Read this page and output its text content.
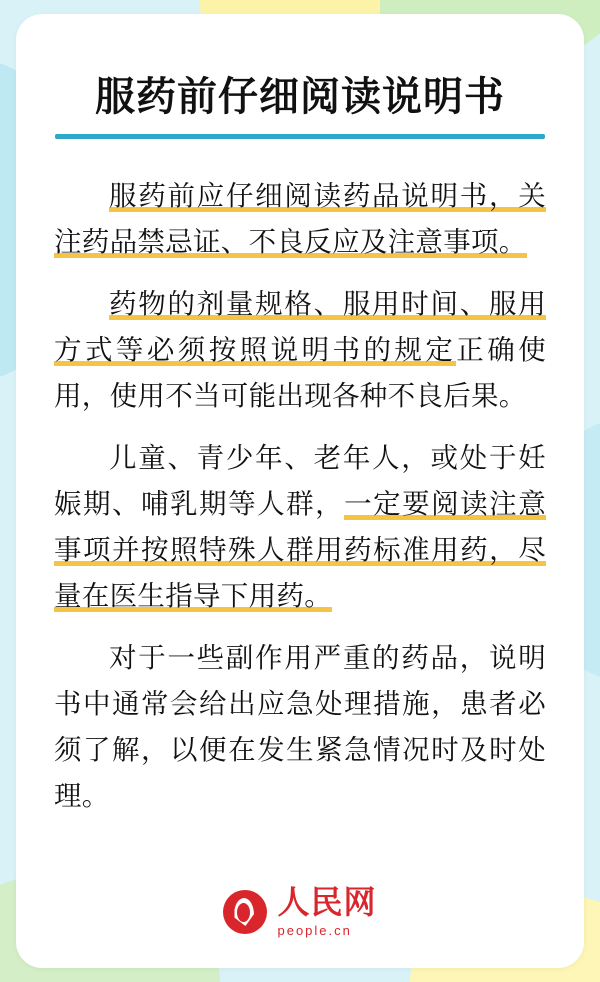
服药前仔细阅读说明书

服药前应仔细阅读药品说明书，关注药品禁忌证、不良反应及注意事项。

药物的剂量规格、服用时间、服用方式等必须按照说明书的规定正确使用，使用不当可能出现各种不良后果。

儿童、青少年、老年人，或处于妊娠期、哺乳期等人群，一定要阅读注意事项并按照特殊人群用药标准用药，尽量在医生指导下用药。

对于一些副作用严重的药品，说明书中通常会给出应急处理措施，患者必须了解，以便在发生紧急情况时及时处理。

人民网
people.cn
